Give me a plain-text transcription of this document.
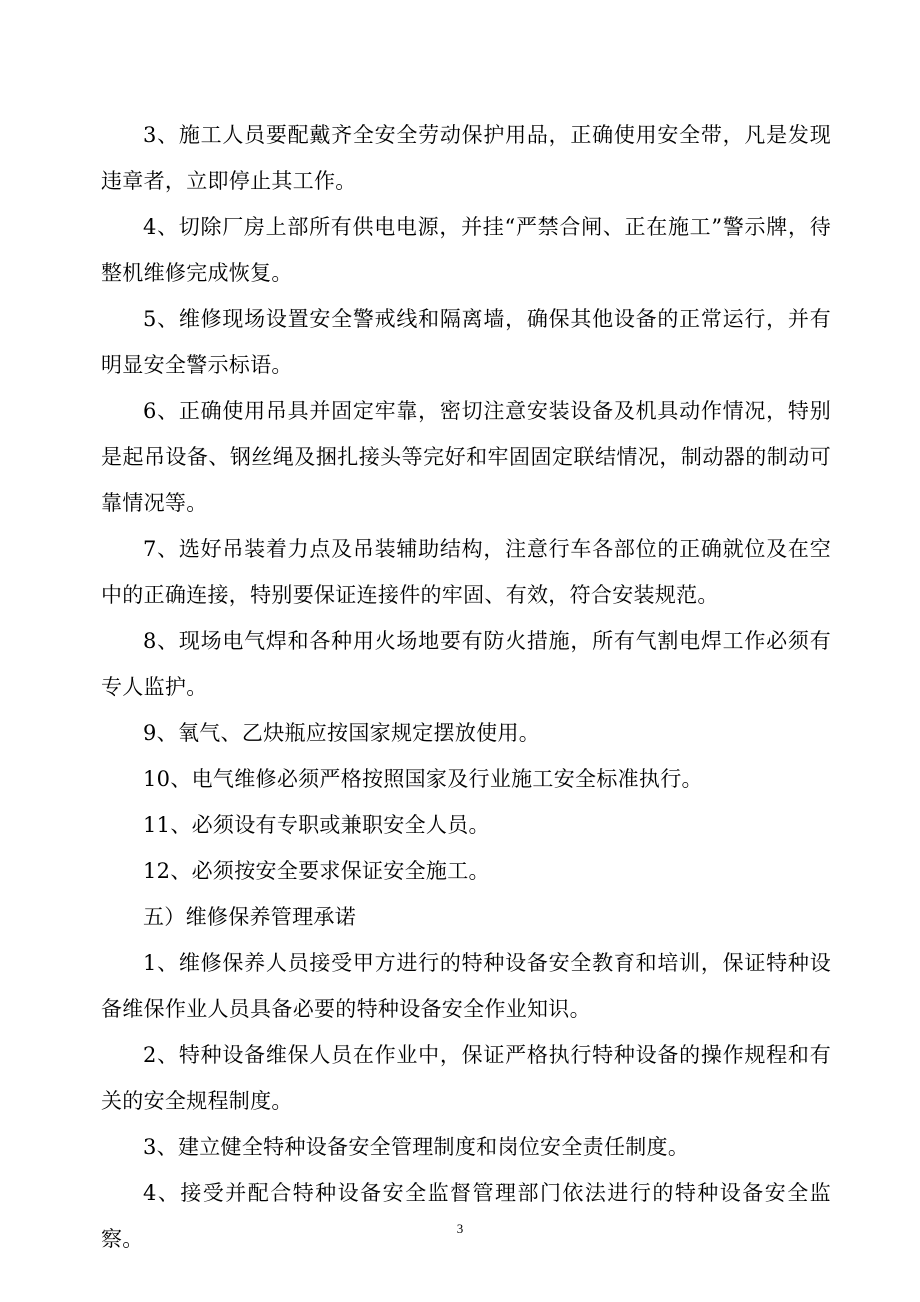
3、施工人员要配戴齐全安全劳动保护用品，正确使用安全带，凡是发现违章者，立即停止其工作。

4、切除厂房上部所有供电电源，并挂“严禁合闸、正在施工”警示牌，待整机维修完成恢复。

5、维修现场设置安全警戒线和隔离墙，确保其他设备的正常运行，并有明显安全警示标语。

6、正确使用吊具并固定牢靠，密切注意安装设备及机具动作情况，特别是起吊设备、钢丝绳及捆扎接头等完好和牢固固定联结情况，制动器的制动可靠情况等。

7、选好吊装着力点及吊装辅助结构，注意行车各部位的正确就位及在空中的正确连接，特别要保证连接件的牢固、有效，符合安装规范。

8、现场电气焊和各种用火场地要有防火措施，所有气割电焊工作必须有专人监护。

9、氧气、乙炔瓶应按国家规定摆放使用。

10、电气维修必须严格按照国家及行业施工安全标准执行。

11、必须设有专职或兼职安全人员。

12、必须按安全要求保证安全施工。

五）维修保养管理承诺

1、维修保养人员接受甲方进行的特种设备安全教育和培训，保证特种设备维保作业人员具备必要的特种设备安全作业知识。

2、特种设备维保人员在作业中，保证严格执行特种设备的操作规程和有关的安全规程制度。

3、建立健全特种设备安全管理制度和岗位安全责任制度。

4、接受并配合特种设备安全监督管理部门依法进行的特种设备安全监察。	3
